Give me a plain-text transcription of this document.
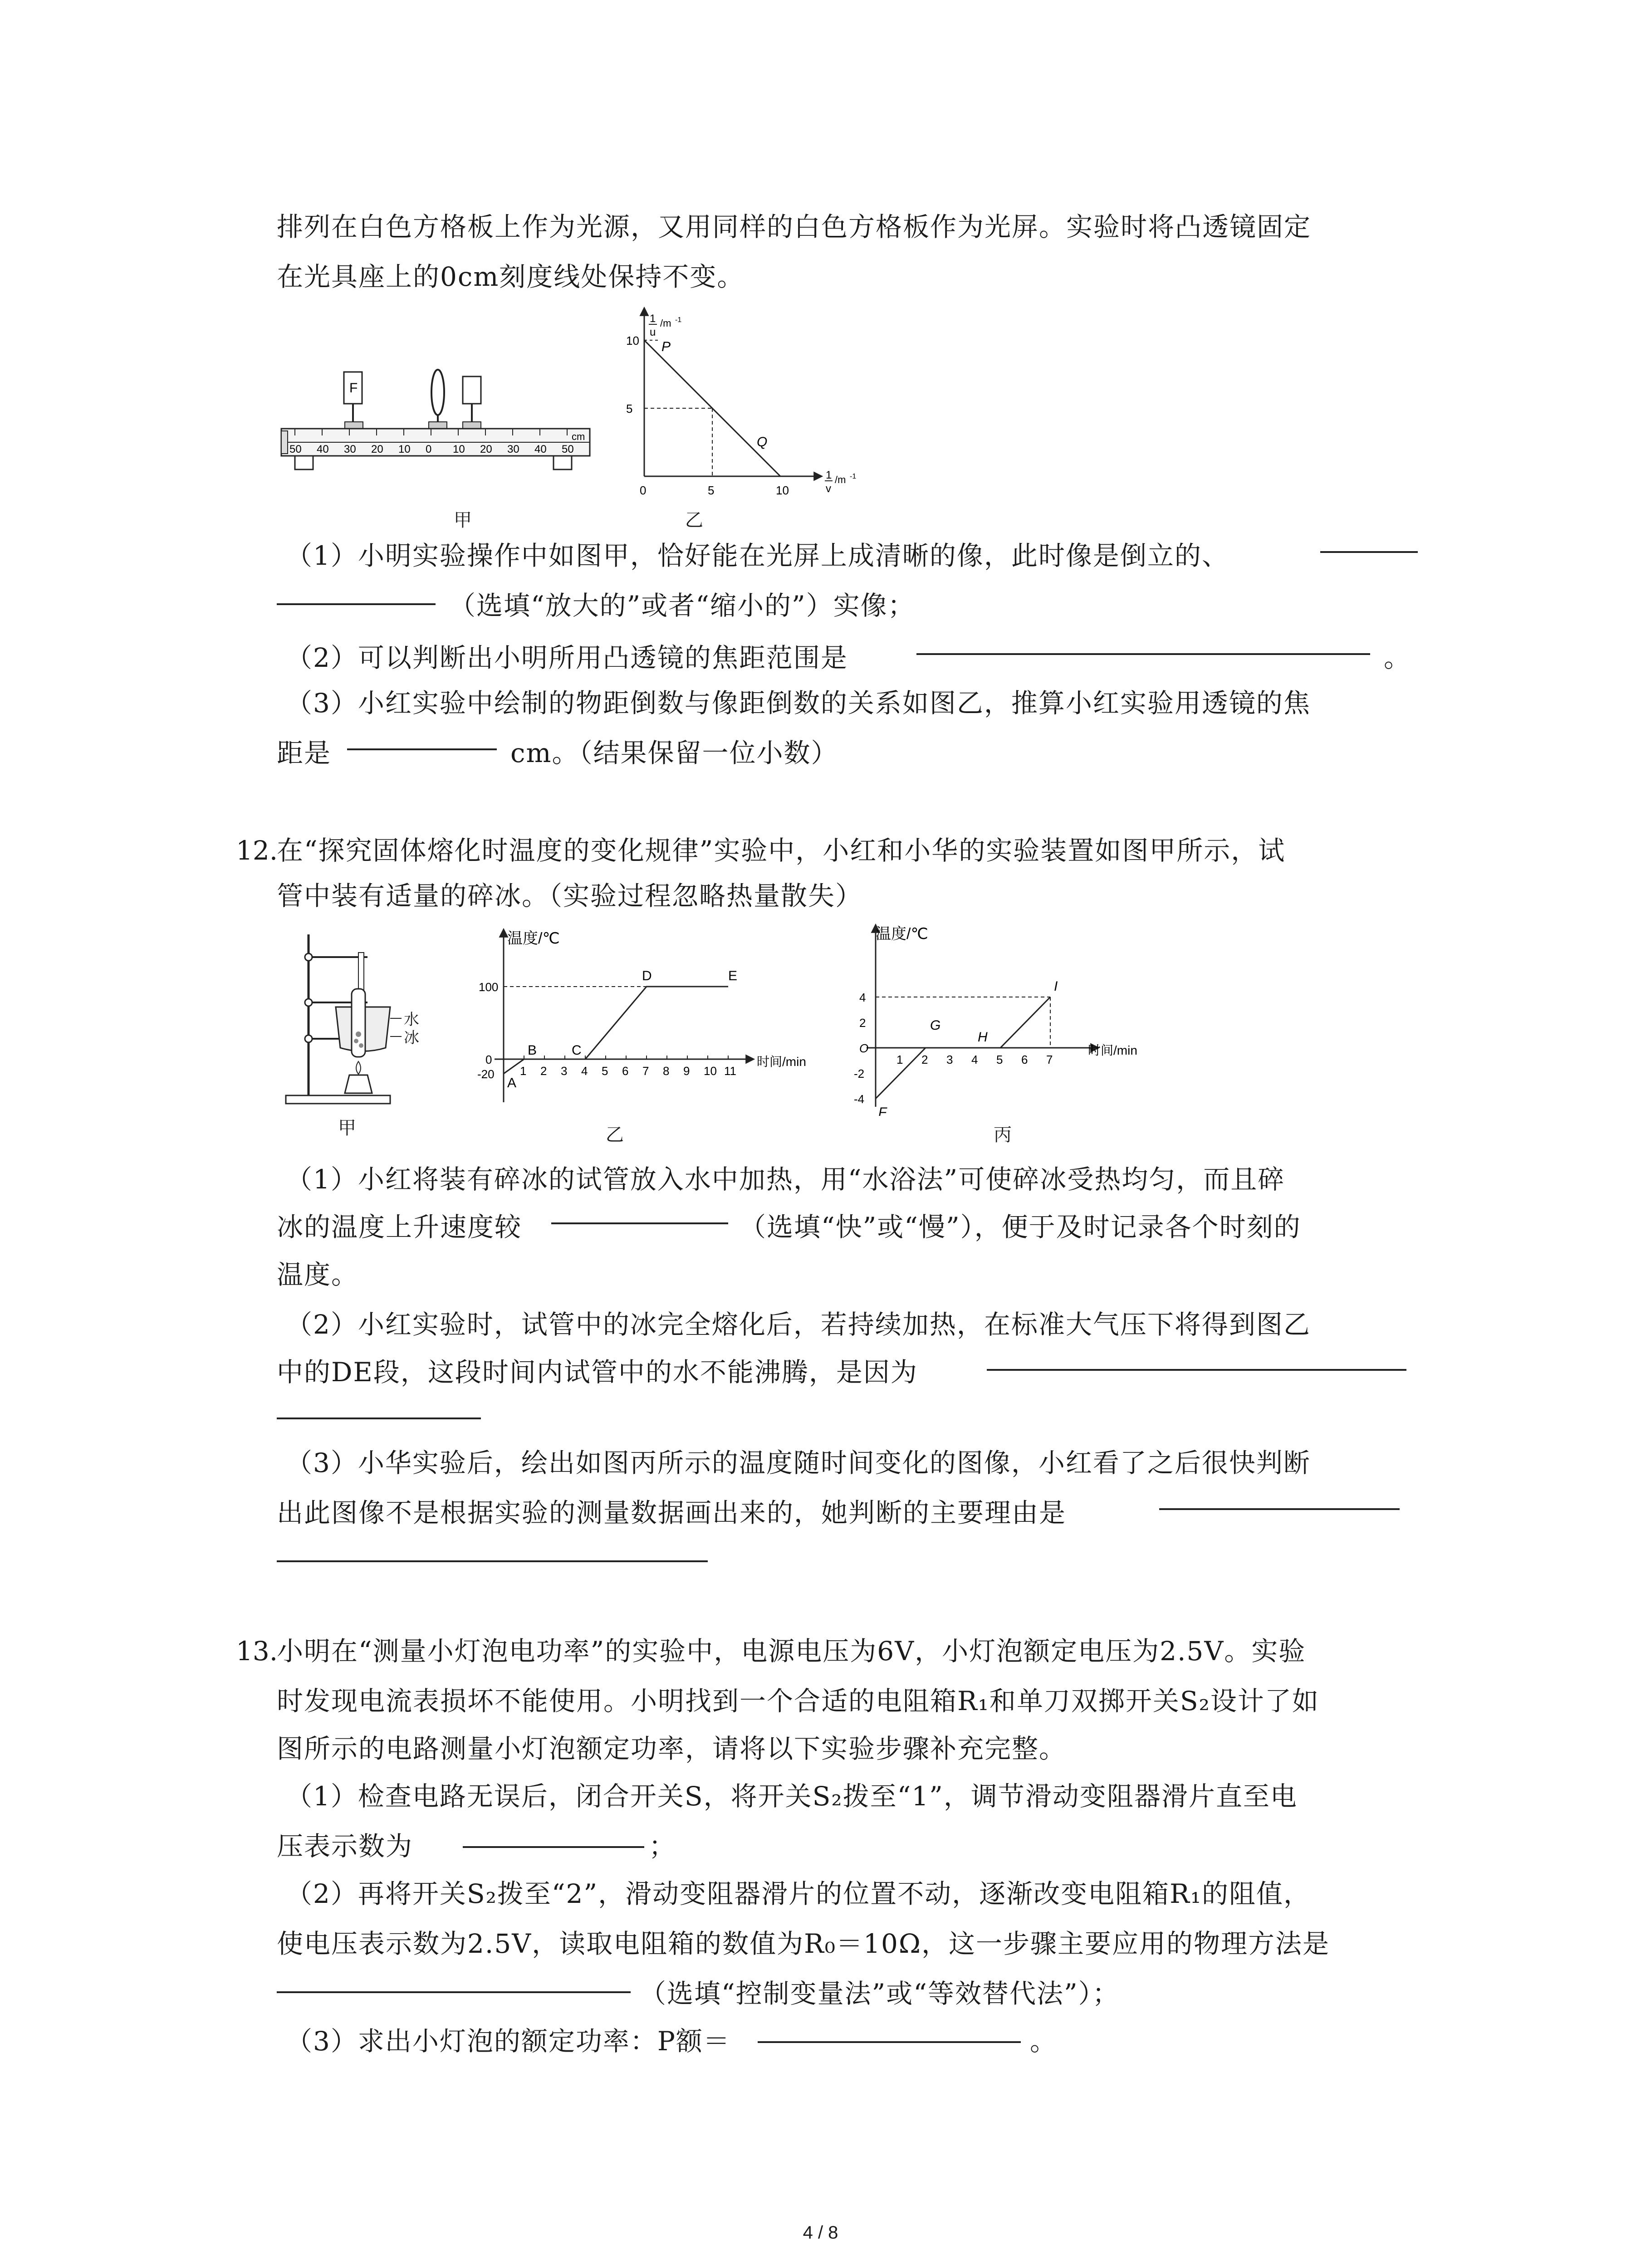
排列在白色方格板上作为光源，又用同样的白色方格板作为光屏。实验时将凸透镜固定
在光具座上的0cm刻度线处保持不变。
F
cm
50 40 30 20 10 0 10 20 30 40 50
甲
1
u
/m -1
1
v
/m -1
5
10
0	5	10
P
Q
乙
（1）小明实验操作中如图甲，恰好能在光屏上成清晰的像，此时像是倒立的、
（选填“放大的”或者“缩小的”）实像；
（2）可以判断出小明所用凸透镜的焦距范围是	。
（3）小红实验中绘制的物距倒数与像距倒数的关系如图乙，推算小红实验用透镜的焦
距是	cm。（结果保留一位小数）
12.
在“探究固体熔化时温度的变化规律”实验中，小红和小华的实验装置如图甲所示，试
管中装有适量的碎冰。（实验过程忽略热量散失）
水
冰
甲
温度/℃
时间/min
1 2 3 4 5 6 7 8 9 10 11
0
100
-20
A
B	C
D	E
乙
温度/℃
时间/min
1 2 3 4 5 6 7
-4
-2
O
2
4
F
G
H
I
丙
（1）小红将装有碎冰的试管放入水中加热，用“水浴法”可使碎冰受热均匀，而且碎
冰的温度上升速度较	（选填“快”或“慢”），便于及时记录各个时刻的
温度。
（2）小红实验时，试管中的冰完全熔化后，若持续加热，在标准大气压下将得到图乙
中的DE段，这段时间内试管中的水不能沸腾，是因为
（3）小华实验后，绘出如图丙所示的温度随时间变化的图像，小红看了之后很快判断
出此图像不是根据实验的测量数据画出来的，她判断的主要理由是
13.
小明在“测量小灯泡电功率”的实验中，电源电压为6V，小灯泡额定电压为2.5V。实验
时发现电流表损坏不能使用。小明找到一个合适的电阻箱R₁和单刀双掷开关S₂设计了如
图所示的电路测量小灯泡额定功率，请将以下实验步骤补充完整。
（1）检查电路无误后，闭合开关S，将开关S₂拨至“1”，调节滑动变阻器滑片直至电
压表示数为	；
（2）再将开关S₂拨至“2”，滑动变阻器滑片的位置不动，逐渐改变电阻箱R₁的阻值，
使电压表示数为2.5V，读取电阻箱的数值为R₀＝10Ω，这一步骤主要应用的物理方法是
（选填“控制变量法”或“等效替代法”）；
（3）求出小灯泡的额定功率：P额＝	。
4 / 8
